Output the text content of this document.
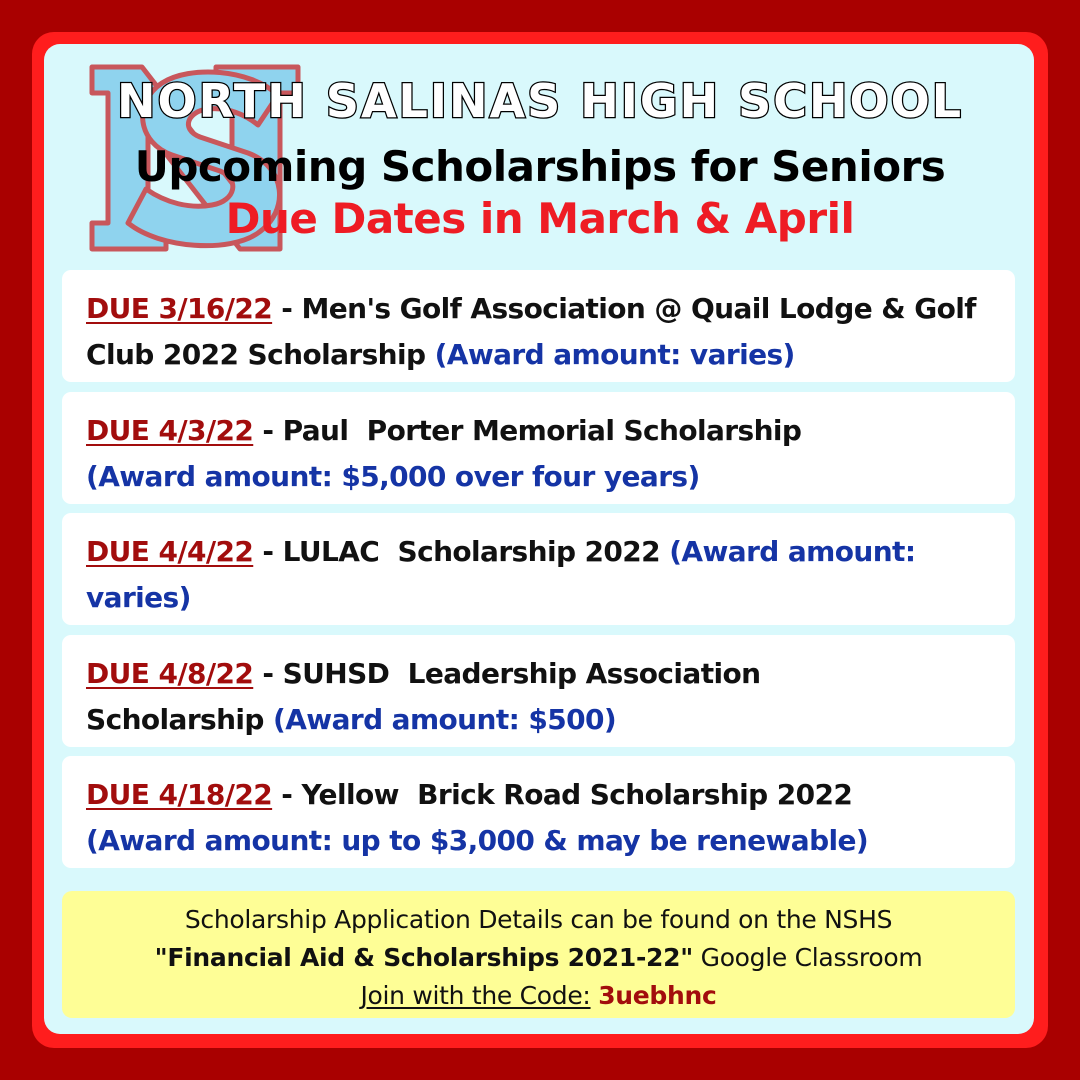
NORTH SALINAS HIGH SCHOOL
Upcoming Scholarships for Seniors
Due Dates in March & April
DUE 3/16/22 - Men's Golf Association @ Quail Lodge & Golf Club 2022 Scholarship (Award amount: varies)
DUE 4/3/22 - Paul  Porter Memorial Scholarship
(Award amount: $5,000 over four years)
DUE 4/4/22 - LULAC  Scholarship 2022 (Award amount: varies)
DUE 4/8/22 - SUHSD  Leadership Association Scholarship (Award amount: $500)
DUE 4/18/22 - Yellow  Brick Road Scholarship 2022
(Award amount: up to $3,000 & may be renewable)
Scholarship Application Details can be found on the NSHS
"Financial Aid & Scholarships 2021-22" Google Classroom
Join with the Code: 3uebhnc
